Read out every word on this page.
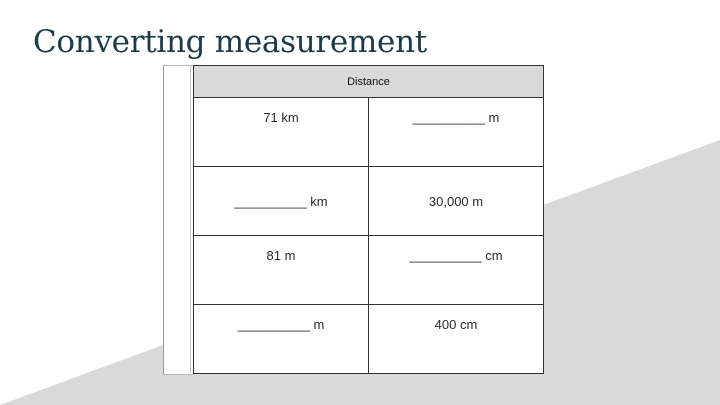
Converting measurement
Distance	
71 km	__________ m
__________ km	30,000 m
81 m	__________ cm
__________ m	400 cm
